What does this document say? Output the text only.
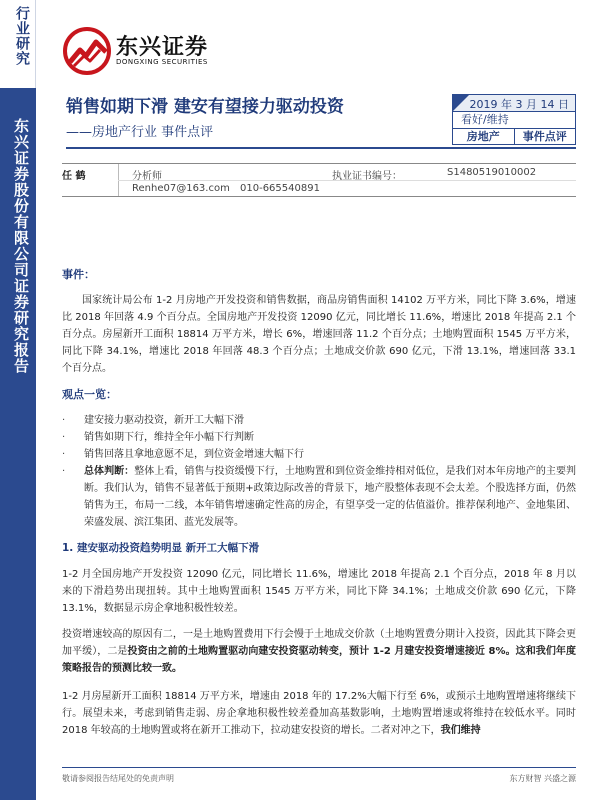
行业研究
东兴证券股份有限公司证券研究报告
东兴证券
DONGXING SECURITIES
销售如期下滑 建安有望接力驱动投资
——房地产行业 事件点评
2019 年 3 月 14 日
看好/维持
房地产	事件点评
任 鹤	分析师	执业证书编号：	S1480519010002
Renhe07@163.com 010-665540891
事件：
国家统计局公布 1-2 月房地产开发投资和销售数据，商品房销售面积 14102 万平方米，同比下降 3.6%，增速比 2018 年回落 4.9 个百分点。全国房地产开发投资 12090 亿元，同比增长 11.6%，增速比 2018 年提高 2.1 个百分点。房屋新开工面积 18814 万平方米，增长 6%，增速回落 11.2 个百分点；土地购置面积 1545 万平方米，同比下降 34.1%，增速比 2018 年回落 48.3 个百分点；土地成交价款 690 亿元，下滑 13.1%，增速回落 33.1 个百分点。
观点一览：
· 建安接力驱动投资，新开工大幅下滑
· 销售如期下行，维持全年小幅下行判断
· 销售回落且拿地意愿不足，到位资金增速大幅下行
· 总体判断：整体上看，销售与投资缓慢下行，土地购置和到位资金维持相对低位，是我们对本年房地产的主要判断。我们认为，销售不显著低于预期+政策边际改善的背景下，地产股整体表现不会太差。个股选择方面，仍然销售为王，布局一二线，本年销售增速确定性高的房企，有望享受一定的估值溢价。推荐保利地产、金地集团、荣盛发展、滨江集团、蓝光发展等。
1. 建安驱动投资趋势明显 新开工大幅下滑
1-2 月全国房地产开发投资 12090 亿元，同比增长 11.6%，增速比 2018 年提高 2.1 个百分点，2018 年 8 月以来的下滑趋势出现扭转。其中土地购置面积 1545 万平方米，同比下降 34.1%；土地成交价款 690 亿元，下降 13.1%，数据显示房企拿地积极性较差。
投资增速较高的原因有二，一是土地购置费用下行会慢于土地成交价款（土地购置费分期计入投资，因此其下降会更加平缓），二是投资由之前的土地购置驱动向建安投资驱动转变，预计 1-2 月建安投资增速接近 8%。这和我们年度策略报告的预测比较一致。
1-2 月房屋新开工面积 18814 万平方米，增速由 2018 年的 17.2%大幅下行至 6%，或预示土地购置增速将继续下行。展望未来，考虑到销售走弱、房企拿地积极性较差叠加高基数影响，土地购置增速或将维持在较低水平。同时 2018 年较高的土地购置或将在新开工推动下，拉动建安投资的增长。二者对冲之下，我们维持
敬请参阅报告结尾处的免责声明	东方财智 兴盛之源
